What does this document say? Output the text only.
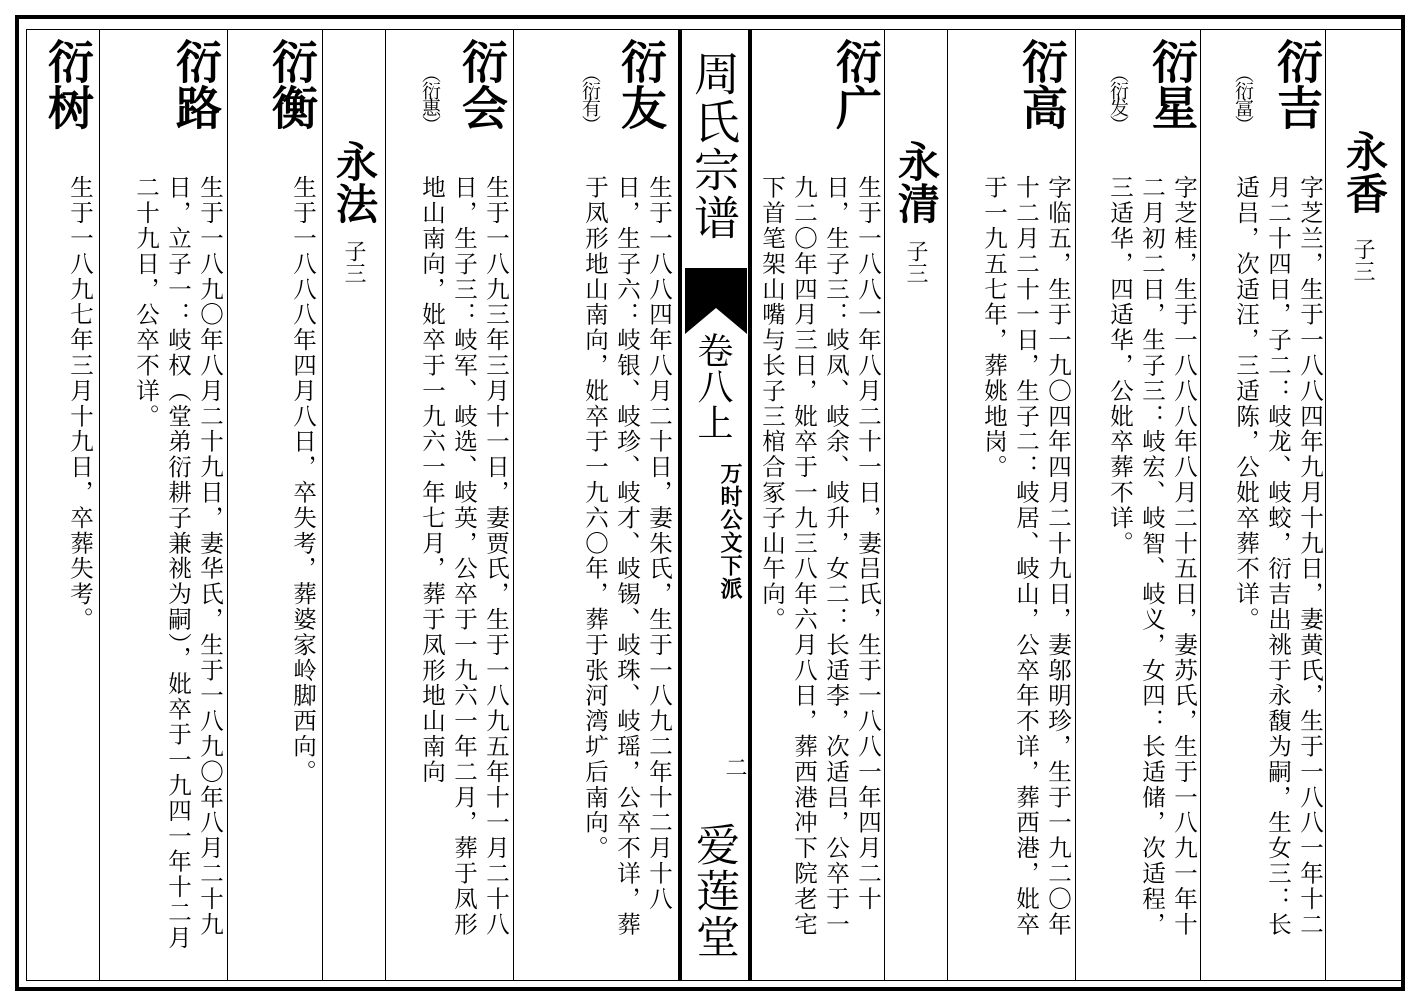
永香
子三
衍吉
（衍富）
字芝兰，生于一八八四年九月十九日，妻黄氏，生于一八八一年十二月二十四日，子二：岐龙、岐蛟，衍吉出祧于永馥为嗣，生女三：长适吕，次适汪，三适陈，公妣卒葬不详。
衍星
（衍发）
字芝桂，生于一八八八年八月二十五日，妻苏氏，生于一八九一年十二月初二日，生子三：岐宏、岐智、岐义，女四：长适储，次适程，三适华，四适华，公妣卒葬不详。
衍高
字临五，生于一九〇四年四月二十九日，妻邬明珍，生于一九二〇年十二月二十一日，生子二：岐居、岐山，公卒年不详，葬西港，妣卒于一九五七年，葬姚地岗。
永清
子三
衍广
生于一八八一年八月二十一日，妻吕氏，生于一八八一年四月二十日，生子三：岐凤、岐余、岐升，女二：长适李，次适吕，公卒于一九二〇年四月三日，妣卒于一九三八年六月八日，葬西港冲下院老宅下首笔架山嘴与长子三棺合冢子山午向。
周氏宗谱
卷八上
万时公文下派
二
爱莲堂
衍友
（衍有）
生于一八八四年八月二十日，妻朱氏，生于一八九二年十二月十八日，生子六：岐银、岐珍、岐才、岐锡、岐珠、岐瑶，公卒不详，葬于凤形地山南向，妣卒于一九六〇年，葬于张河湾圹后南向。
衍会
（衍惠）
生于一八九三年三月十一日，妻贾氏，生于一八九五年十一月二十八日，生子三：岐军、岐选、岐英，公卒于一九六一年二月，葬于凤形地山南向，妣卒于一九六一年七月，葬于凤形地山南向
永法
子三
衍衡
生于一八八八年四月八日，卒失考，葬婆家岭脚西向。
衍路
生于一八九〇年八月二十九日，妻华氏，生于一八九〇年八月二十九日，立子一：岐权（堂弟衍耕子兼祧为嗣），妣卒于一九四一年十二月二十九日，公卒不详。
衍树
生于一八九七年三月十九日，卒葬失考。
